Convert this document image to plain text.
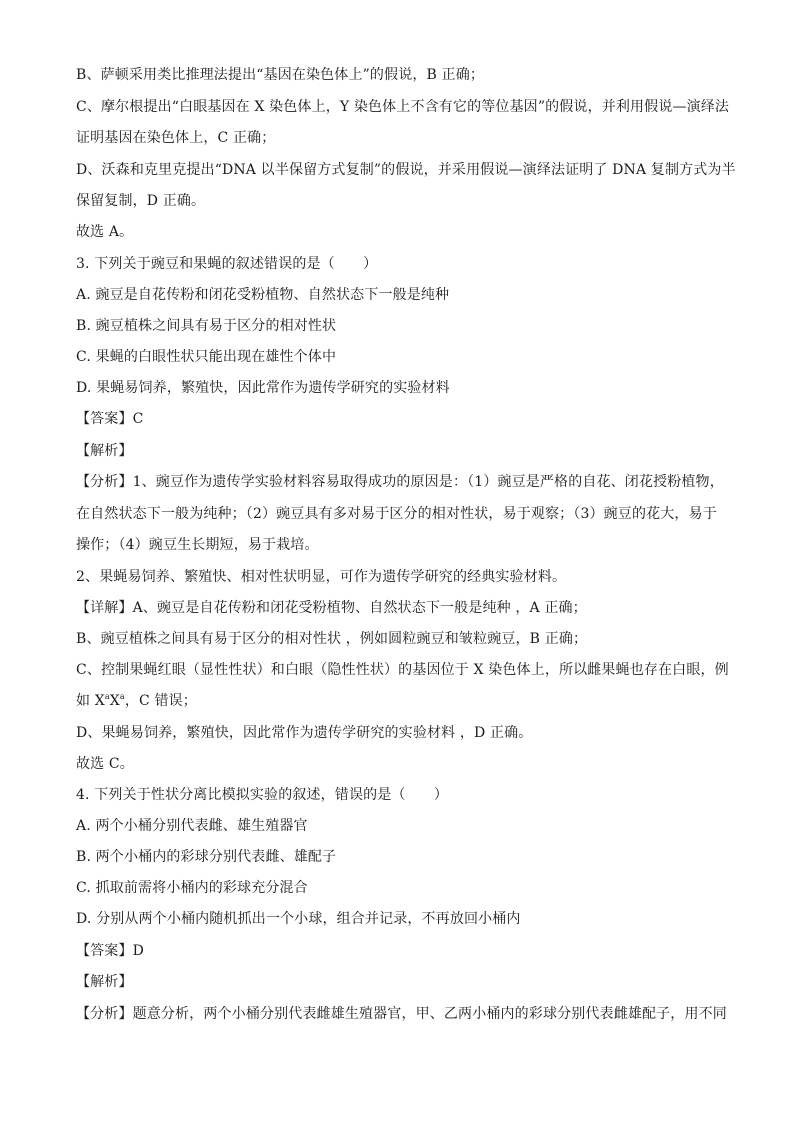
B、萨顿采用类比推理法提出“基因在染色体上”的假说，B 正确；
C、摩尔根提出“白眼基因在 X 染色体上，Y 染色体上不含有它的等位基因”的假说，并利用假说—演绎法
证明基因在染色体上，C 正确；
D、沃森和克里克提出“DNA 以半保留方式复制”的假说，并采用假说—演绎法证明了 DNA 复制方式为半
保留复制，D 正确。
故选 A。
3. 下列关于豌豆和果蝇的叙述错误的是（　　）
A. 豌豆是自花传粉和闭花受粉植物、自然状态下一般是纯种
B. 豌豆植株之间具有易于区分的相对性状
C. 果蝇的白眼性状只能出现在雄性个体中
D. 果蝇易饲养，繁殖快，因此常作为遗传学研究的实验材料
【答案】C
【解析】
【分析】1、豌豆作为遗传学实验材料容易取得成功的原因是：（1）豌豆是严格的自花、闭花授粉植物，
在自然状态下一般为纯种；（2）豌豆具有多对易于区分的相对性状，易于观察；（3）豌豆的花大，易于
操作；（4）豌豆生长期短，易于栽培。
2、果蝇易饲养、繁殖快、相对性状明显，可作为遗传学研究的经典实验材料。
【详解】A、豌豆是自花传粉和闭花受粉植物、自然状态下一般是纯种 ，A 正确；
B、豌豆植株之间具有易于区分的相对性状 ，例如圆粒豌豆和皱粒豌豆，B 正确；
C、控制果蝇红眼（显性性状）和白眼（隐性性状）的基因位于 X 染色体上，所以雌果蝇也存在白眼，例
如 $X^aX^a$，C 错误；
D、果蝇易饲养，繁殖快，因此常作为遗传学研究的实验材料 ，D 正确。
故选 C。
4. 下列关于性状分离比模拟实验的叙述，错误的是（　　）
A. 两个小桶分别代表雌、雄生殖器官
B. 两个小桶内的彩球分别代表雌、雄配子
C. 抓取前需将小桶内的彩球充分混合
D. 分别从两个小桶内随机抓出一个小球，组合并记录，不再放回小桶内
【答案】D
【解析】
【分析】题意分析，两个小桶分别代表雌雄生殖器官，甲、乙两小桶内的彩球分别代表雌雄配子，用不同
